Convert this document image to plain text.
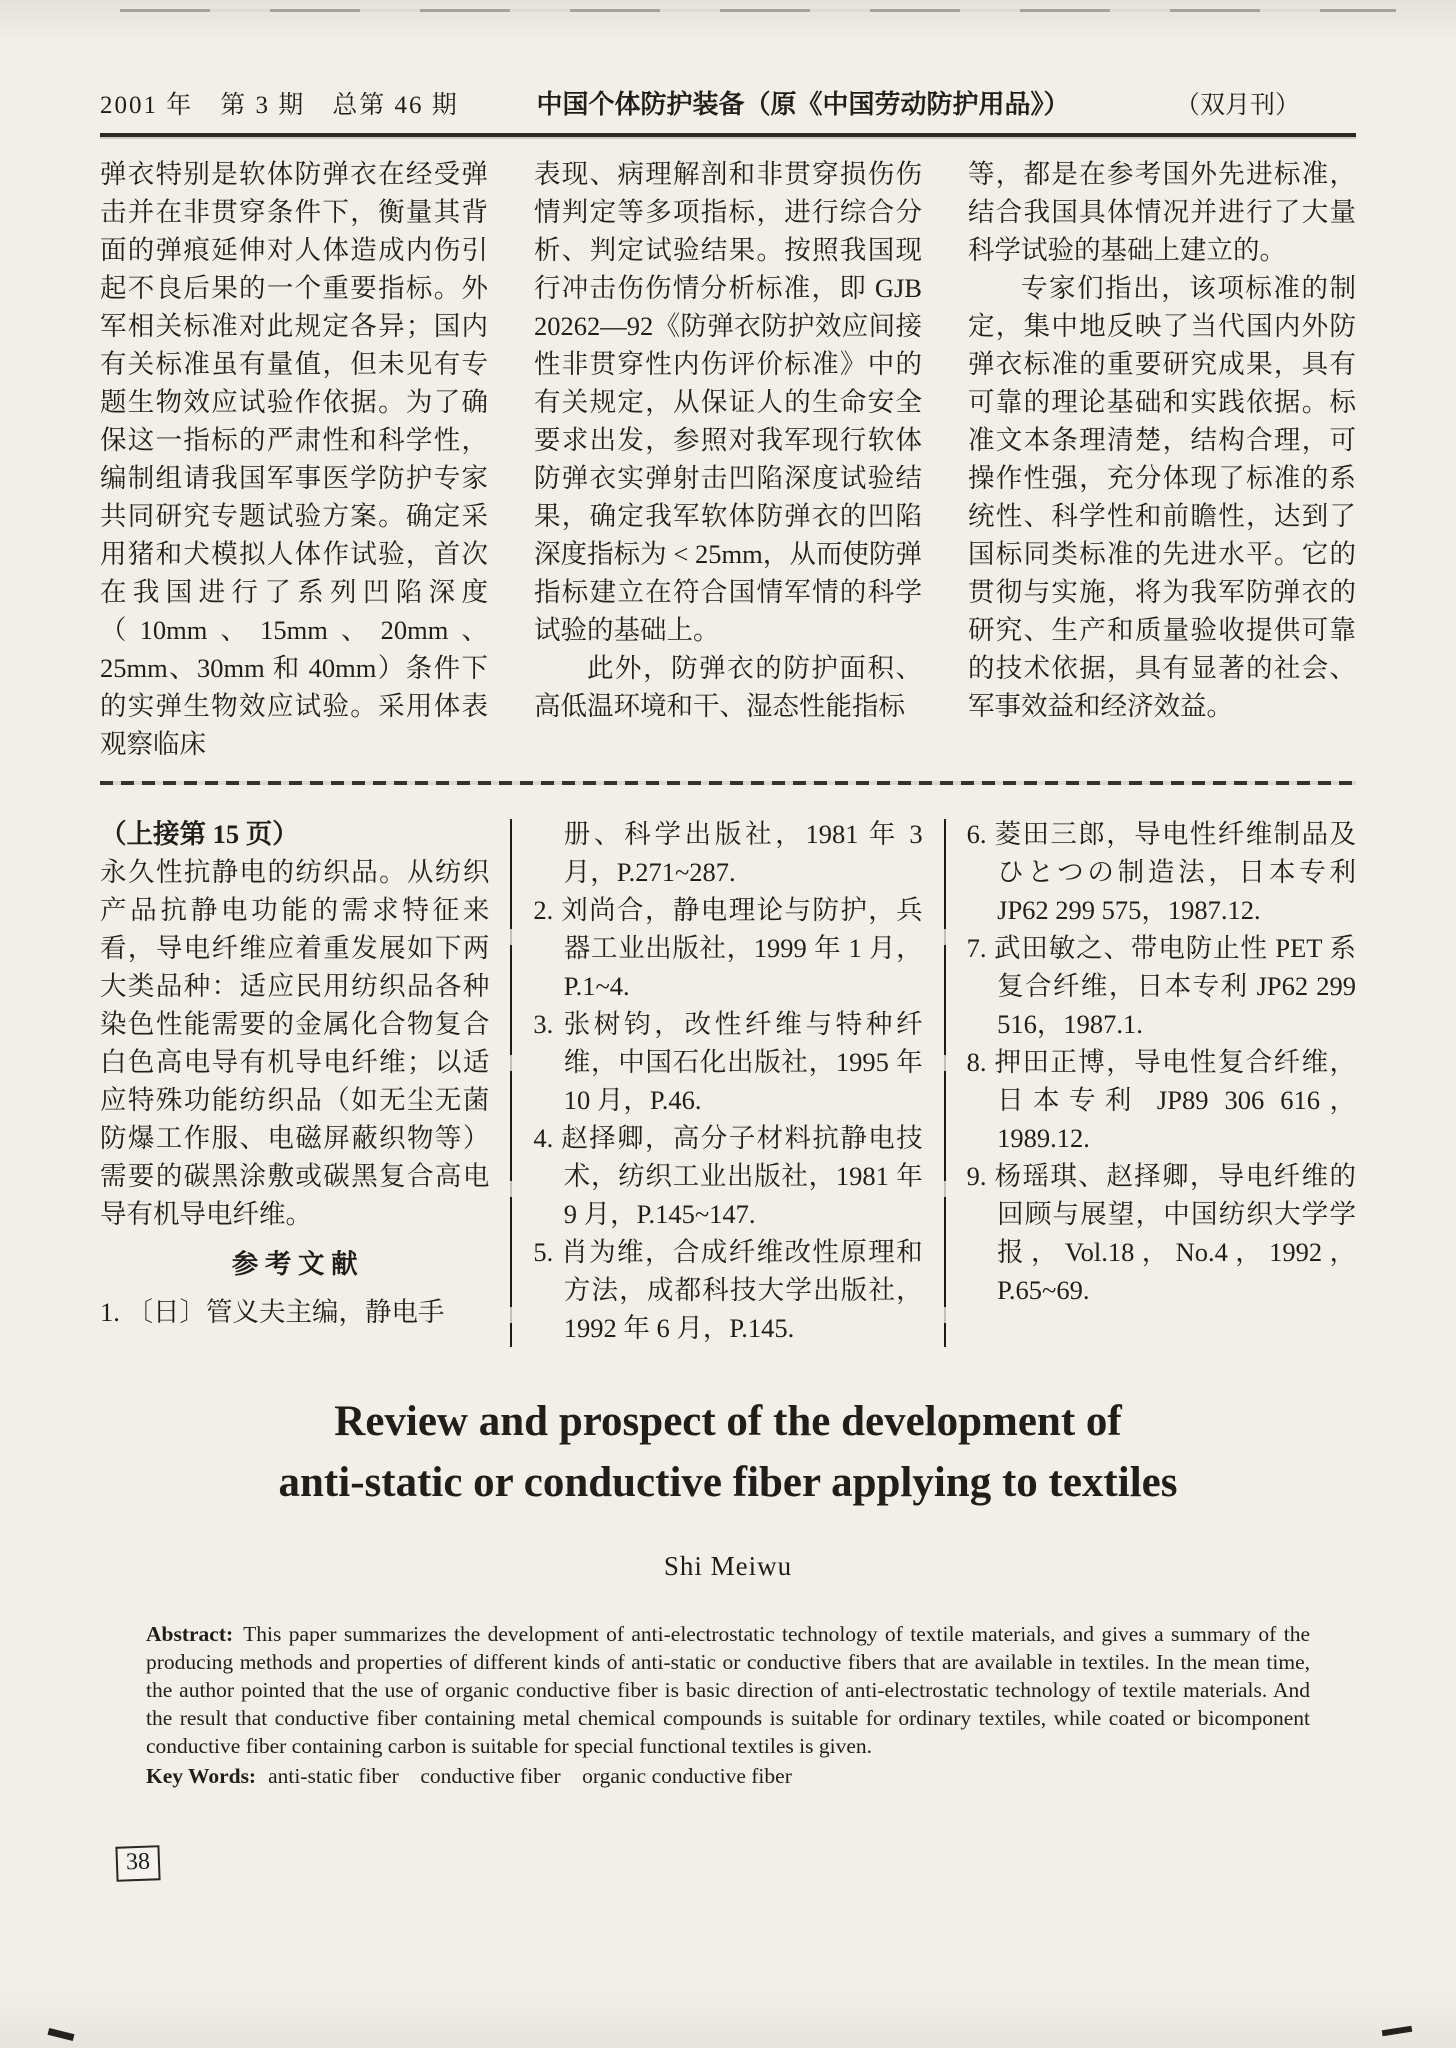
2001 年　第 3 期　总第 46 期	中国个体防护装备（原《中国劳动防护用品》）	（双月刊）

弹衣特别是软体防弹衣在经受弹击并在非贯穿条件下，衡量其背面的弹痕延伸对人体造成内伤引起不良后果的一个重要指标。外军相关标准对此规定各异；国内有关标准虽有量值，但未见有专题生物效应试验作依据。为了确保这一指标的严肃性和科学性，编制组请我国军事医学防护专家共同研究专题试验方案。确定采用猪和犬模拟人体作试验，首次在我国进行了系列凹陷深度（10mm、15mm、20mm、25mm、30mm 和 40mm）条件下的实弹生物效应试验。采用体表观察临床

表现、病理解剖和非贯穿损伤伤情判定等多项指标，进行综合分析、判定试验结果。按照我国现行冲击伤伤情分析标准，即 GJB 20262—92《防弹衣防护效应间接性非贯穿性内伤评价标准》中的有关规定，从保证人的生命安全要求出发，参照对我军现行软体防弹衣实弹射击凹陷深度试验结果，确定我军软体防弹衣的凹陷深度指标为 < 25mm，从而使防弹指标建立在符合国情军情的科学试验的基础上。

此外，防弹衣的防护面积、高低温环境和干、湿态性能指标

等，都是在参考国外先进标准，结合我国具体情况并进行了大量科学试验的基础上建立的。

专家们指出，该项标准的制定，集中地反映了当代国内外防弹衣标准的重要研究成果，具有可靠的理论基础和实践依据。标准文本条理清楚，结构合理，可操作性强，充分体现了标准的系统性、科学性和前瞻性，达到了国标同类标准的先进水平。它的贯彻与实施，将为我军防弹衣的研究、生产和质量验收提供可靠的技术依据，具有显著的社会、军事效益和经济效益。

（上接第 15 页）

永久性抗静电的纺织品。从纺织产品抗静电功能的需求特征来看，导电纤维应着重发展如下两大类品种：适应民用纺织品各种染色性能需要的金属化合物复合白色高电导有机导电纤维；以适应特殊功能纺织品（如无尘无菌防爆工作服、电磁屏蔽织物等）需要的碳黑涂敷或碳黑复合高电导有机导电纤维。

参 考 文 献

1. 〔日〕管义夫主编，静电手

册、科学出版社，1981 年 3 月，P.271~287.

2. 刘尚合，静电理论与防护，兵器工业出版社，1999 年 1 月，P.1~4.

3. 张树钧，改性纤维与特种纤维，中国石化出版社，1995 年 10 月，P.46.

4. 赵择卿，高分子材料抗静电技术，纺织工业出版社，1981 年 9 月，P.145~147.

5. 肖为维，合成纤维改性原理和方法，成都科技大学出版社，1992 年 6 月，P.145.

6. 菱田三郎，导电性纤维制品及ひとつの制造法，日本专利 JP62 299 575，1987.12.

7. 武田敏之、带电防止性 PET 系复合纤维，日本专利 JP62 299 516，1987.1.

8. 押田正博，导电性复合纤维，日本专利 JP89 306 616，1989.12.

9. 杨瑶琪、赵择卿，导电纤维的回顾与展望，中国纺织大学学报，Vol.18，No.4，1992，P.65~69.

Review and prospect of the development of
anti-static or conductive fiber applying to textiles
Shi Meiwu

Abstract: This paper summarizes the development of anti-electrostatic technology of textile materials, and gives a summary of the producing methods and properties of different kinds of anti-static or conductive fibers that are available in textiles. In the mean time, the author pointed that the use of organic conductive fiber is basic direction of anti-electrostatic technology of textile materials. And the result that conductive fiber containing metal chemical compounds is suitable for ordinary textiles, while coated or bicomponent conductive fiber containing carbon is suitable for special functional textiles is given.

Key Words: anti-static fiber    conductive fiber    organic conductive fiber

38
